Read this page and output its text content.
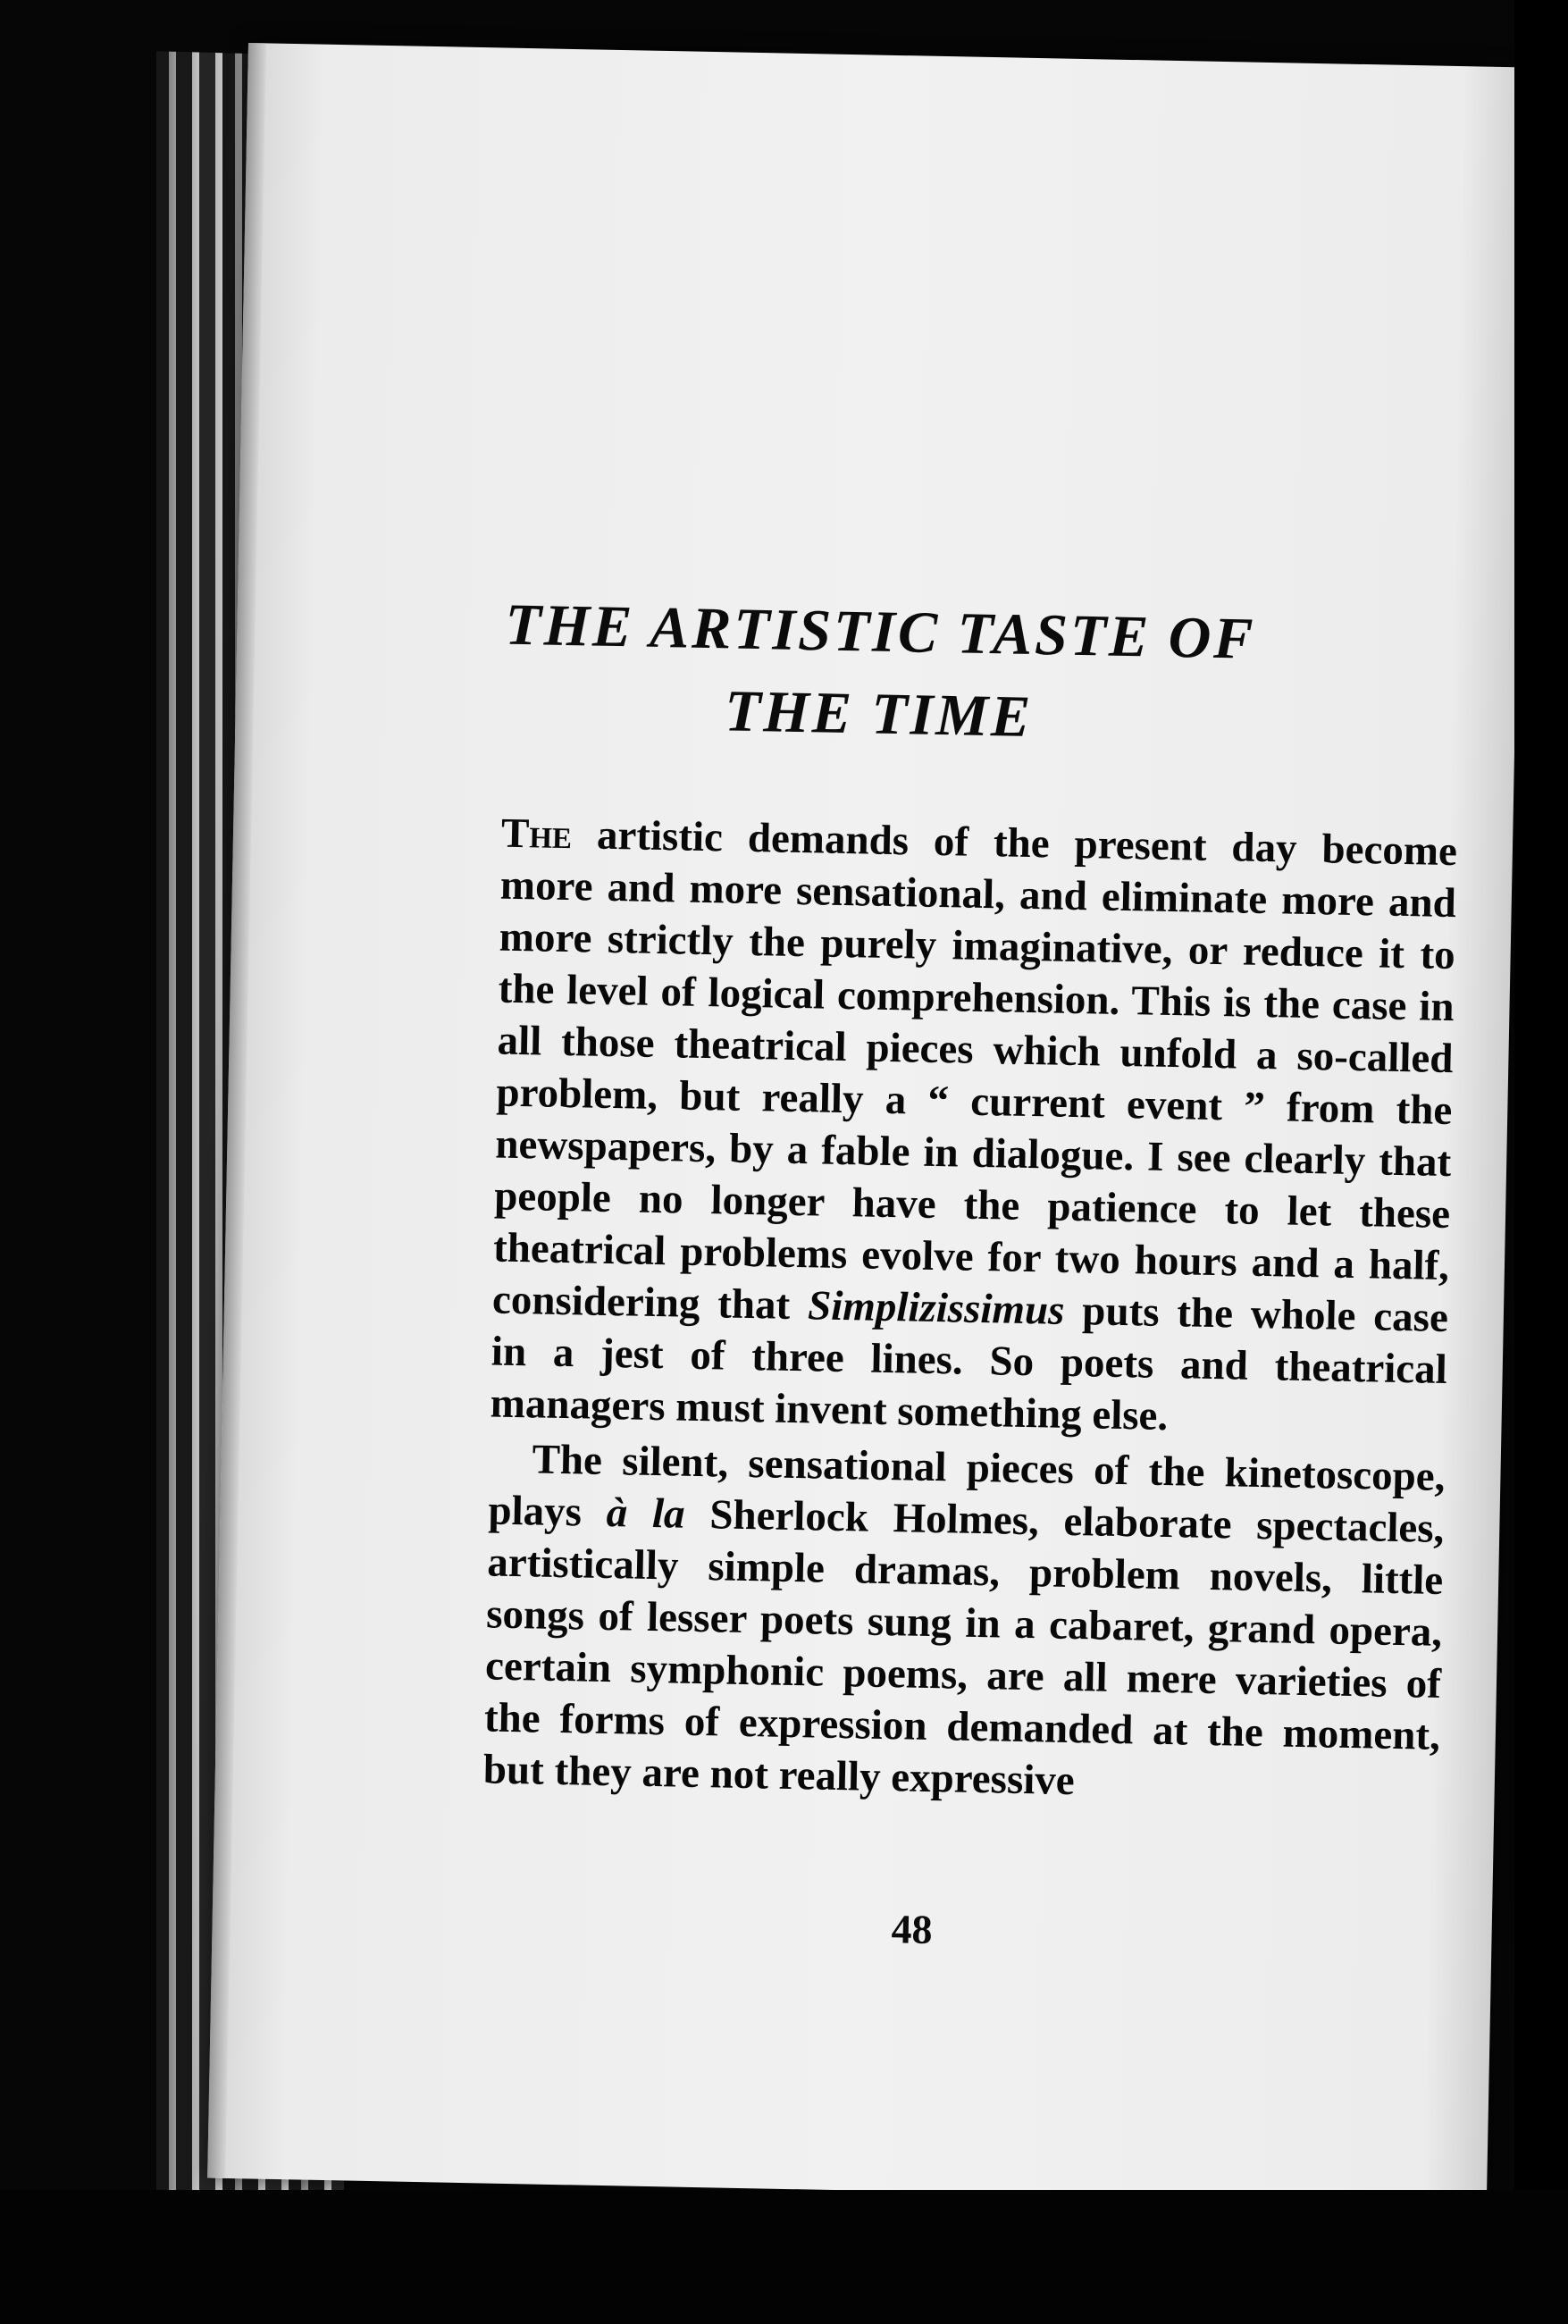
THE ARTISTIC TASTE OF
THE TIME

The artistic demands of the present day become more and more sensational, and eliminate more and more strictly the purely imaginative, or reduce it to the level of logical comprehension. This is the case in all those theatrical pieces which unfold a so-called problem, but really a “ current event ” from the newspapers, by a fable in dialogue. I see clearly that people no longer have the patience to let these theatrical problems evolve for two hours and a half, considering that Simplizissimus puts the whole case in a jest of three lines. So poets and theatrical managers must invent something else.

The silent, sensational pieces of the kinetoscope, plays à la Sherlock Holmes, elaborate spectacles, artistically simple dramas, problem novels, little songs of lesser poets sung in a cabaret, grand opera, certain symphonic poems, are all mere varieties of the forms of expression demanded at the moment, but they are not really expressive

48
